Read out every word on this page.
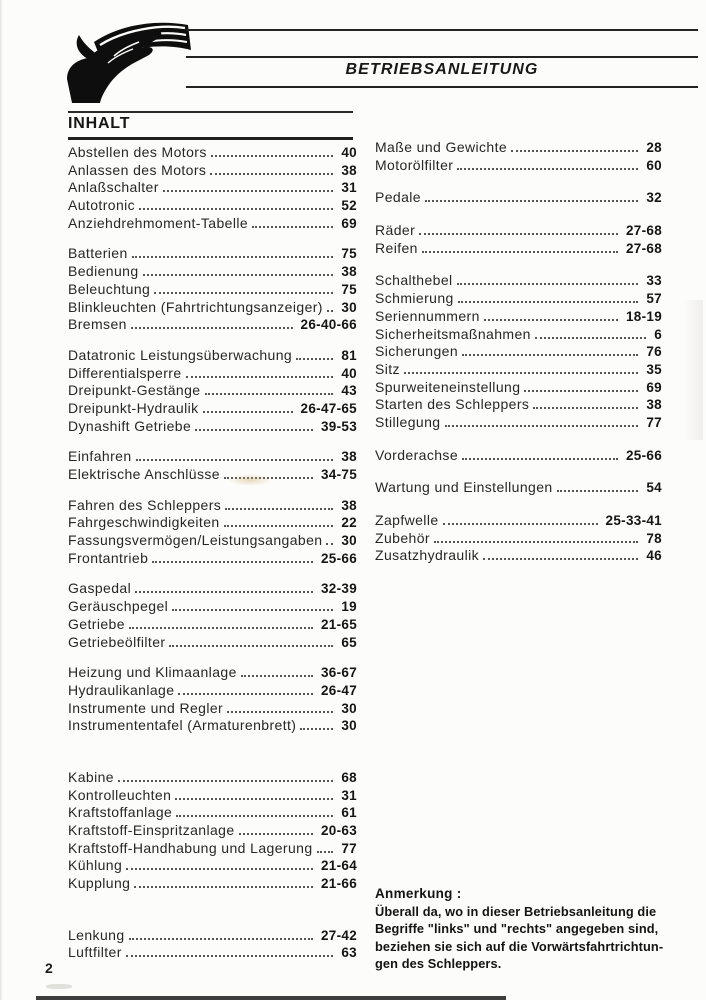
BETRIEBSANLEITUNG
INHALT
Abstellen des Motors	40
Anlassen des Motors	38
Anlaßschalter	31
Autotronic	52
Anziehdrehmoment-Tabelle	69
Batterien	75
Bedienung	38
Beleuchtung	75
Blinkleuchten (Fahrtrichtungsanzeiger) 30
Bremsen	26-40-66
Datatronic Leistungsüberwachung	81
Differentialsperre	40
Dreipunkt-Gestänge	43
Dreipunkt-Hydraulik	26-47-65
Dynashift Getriebe	39-53
Einfahren	38
Elektrische Anschlüsse	34-75
Fahren des Schleppers	38
Fahrgeschwindigkeiten	22
Fassungsvermögen/Leistungsangaben 30
Frontantrieb	25-66
Gaspedal	32-39
Geräuschpegel	19
Getriebe	21-65
Getriebeölfilter	65
Heizung und Klimaanlage	36-67
Hydraulikanlage	26-47
Instrumente und Regler	30
Instrumententafel (Armaturenbrett)	30
Kabine	68
Kontrolleuchten	31
Kraftstoffanlage	61
Kraftstoff-Einspritzanlage	20-63
Kraftstoff-Handhabung und Lagerung 77
Kühlung	21-64
Kupplung	21-66
Lenkung	27-42
Luftfilter	63
Maße und Gewichte	28
Motorölfilter	60
Pedale	32
Räder	27-68
Reifen	27-68
Schalthebel	33
Schmierung	57
Seriennummern	18-19
Sicherheitsmaßnahmen	6
Sicherungen	76
Sitz	35
Spurweiteneinstellung	69
Starten des Schleppers	38
Stillegung	77
Vorderachse	25-66
Wartung und Einstellungen	54
Zapfwelle	25-33-41
Zubehör	78
Zusatzhydraulik	46
Anmerkung :
Überall da, wo in dieser Betriebsanleitung die
Begriffe "links" und "rechts" angegeben sind,
beziehen sie sich auf die Vorwärtsfahrtrichtun-
gen des Schleppers.
2
